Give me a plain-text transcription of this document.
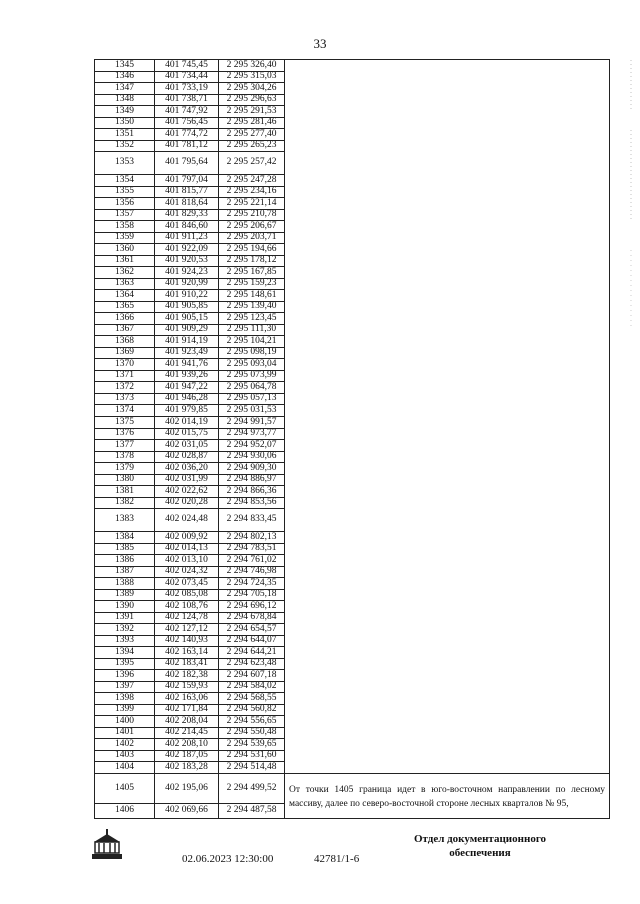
33
1345	401 745,45	2 295 326,40	
1346	401 734,44	2 295 315,03	
1347	401 733,19	2 295 304,26	
1348	401 738,71	2 295 296,63	
1349	401 747,92	2 295 291,53	
1350	401 756,45	2 295 281,46	
1351	401 774,72	2 295 277,40	
1352	401 781,12	2 295 265,23	
1353	401 795,64	2 295 257,42	
1354	401 797,04	2 295 247,28	
1355	401 815,77	2 295 234,16	
1356	401 818,64	2 295 221,14	
1357	401 829,33	2 295 210,78	
1358	401 846,60	2 295 206,67	
1359	401 911,23	2 295 203,71	
1360	401 922,09	2 295 194,66	
1361	401 920,53	2 295 178,12	
1362	401 924,23	2 295 167,85	
1363	401 920,99	2 295 159,23	
1364	401 910,22	2 295 148,61	
1365	401 905,85	2 295 139,40	
1366	401 905,15	2 295 123,45	
1367	401 909,29	2 295 111,30	
1368	401 914,19	2 295 104,21	
1369	401 923,49	2 295 098,19	
1370	401 941,76	2 295 093,04	
1371	401 939,26	2 295 073,99	
1372	401 947,22	2 295 064,78	
1373	401 946,28	2 295 057,13	
1374	401 979,85	2 295 031,53	
1375	402 014,19	2 294 991,57	
1376	402 015,75	2 294 973,77	
1377	402 031,05	2 294 952,07	
1378	402 028,87	2 294 930,06	
1379	402 036,20	2 294 909,30	
1380	402 031,99	2 294 886,97	
1381	402 022,62	2 294 866,36	
1382	402 020,28	2 294 853,56	
1383	402 024,48	2 294 833,45	
1384	402 009,92	2 294 802,13	
1385	402 014,13	2 294 783,51	
1386	402 013,10	2 294 761,02	
1387	402 024,32	2 294 746,98	
1388	402 073,45	2 294 724,35	
1389	402 085,08	2 294 705,18	
1390	402 108,76	2 294 696,12	
1391	402 124,78	2 294 678,84	
1392	402 127,12	2 294 654,57	
1393	402 140,93	2 294 644,07	
1394	402 163,14	2 294 644,21	
1395	402 183,41	2 294 623,48	
1396	402 182,38	2 294 607,18	
1397	402 159,93	2 294 584,02	
1398	402 163,06	2 294 568,55	
1399	402 171,84	2 294 560,82	
1400	402 208,04	2 294 556,65	
1401	402 214,45	2 294 550,48	
1402	402 208,10	2 294 539,65	
1403	402 187,05	2 294 531,60	
1404	402 183,28	2 294 514,48	
1405	402 195,06	2 294 499,52	От точки 1405 граница идет в юго-восточном направлении по лесному массиву, далее по северо-восточной стороне лесных кварталов № 95,
1406	402 069,66	2 294 487,58	
02.06.2023 12:30:00	42781/1-6
Отдел документационного
обеспечения
